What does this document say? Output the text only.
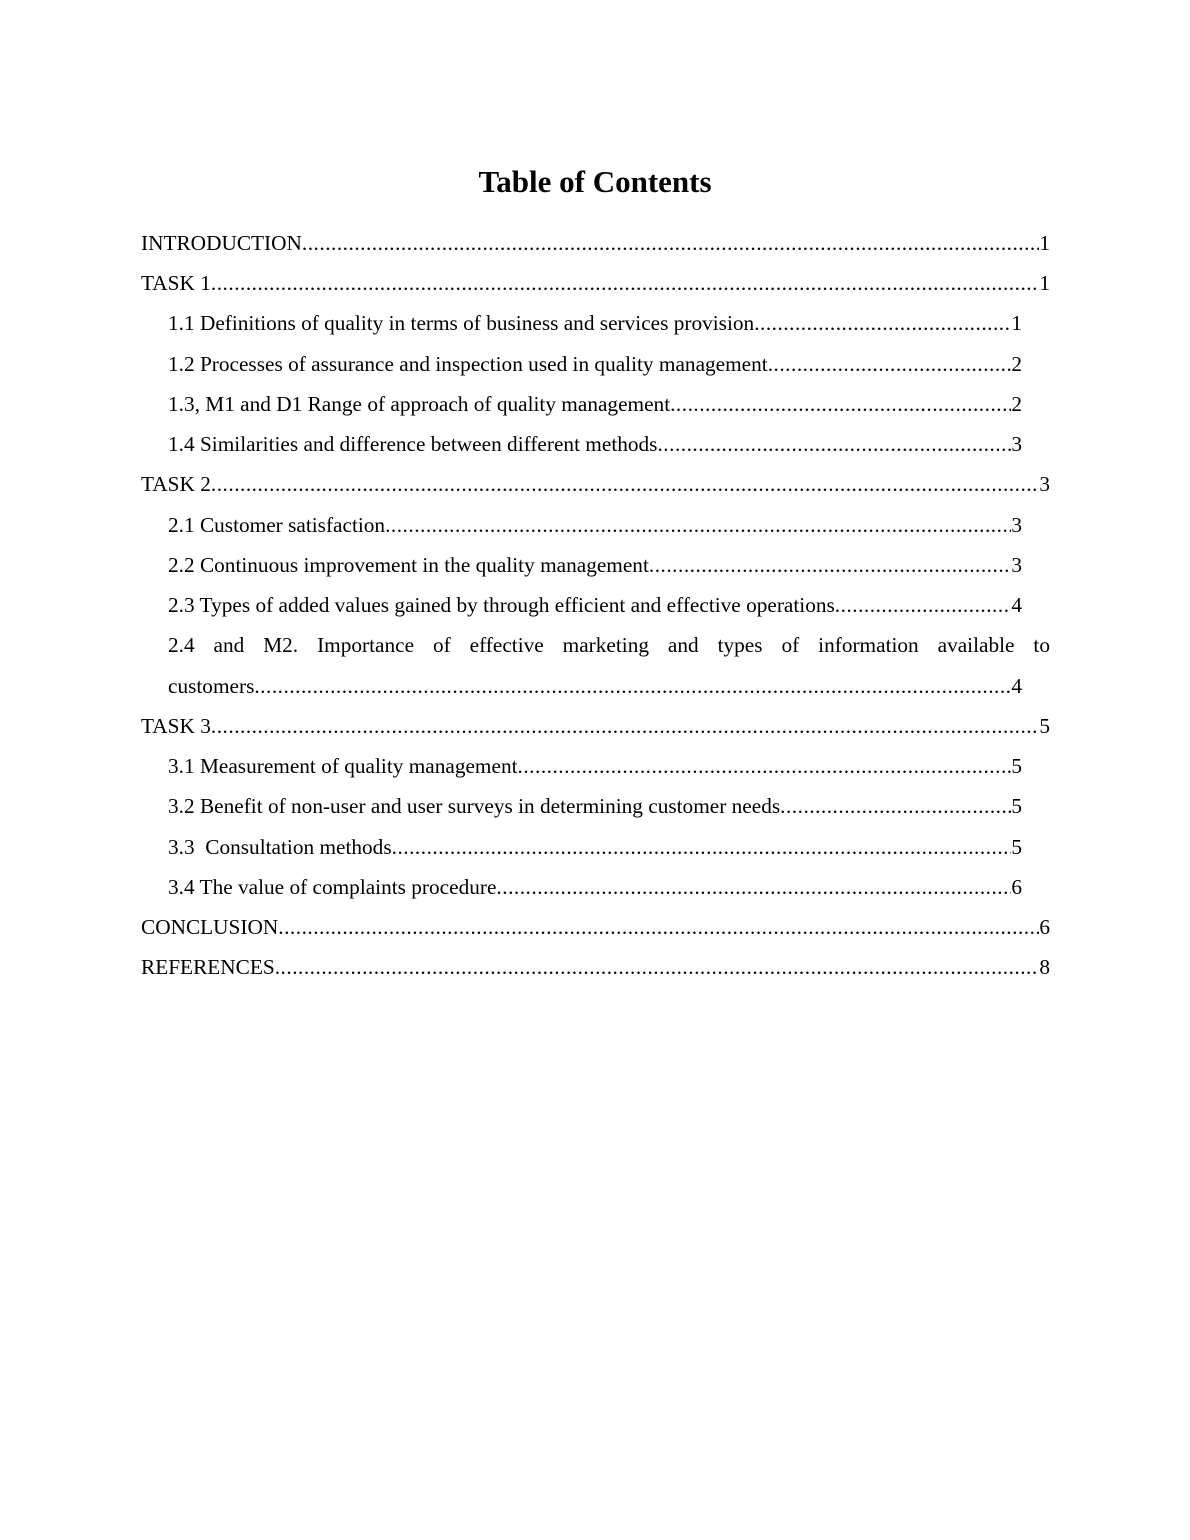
Table of Contents
INTRODUCTION .....	1
TASK 1 .....	1
1.1 Definitions of quality in terms of business and services provision .....	1
1.2 Processes of assurance and inspection used in quality management .....	2
1.3, M1 and D1 Range of approach of quality management .....	2
1.4 Similarities and difference between different methods .....	3
TASK 2 .....	3
2.1 Customer satisfaction .....	3
2.2 Continuous improvement in the quality management .....	3
2.3 Types of added values gained by through efficient and effective operations .....	4
2.4 and M2. Importance of effective marketing and types of information available to
customers .....	4
TASK 3 .....	5
3.1 Measurement of quality management .....	5
3.2 Benefit of non-user and user surveys in determining customer needs .....	5
3.3  Consultation methods .....	5
3.4 The value of complaints procedure .....	6
CONCLUSION .....	6
REFERENCES .....	8
